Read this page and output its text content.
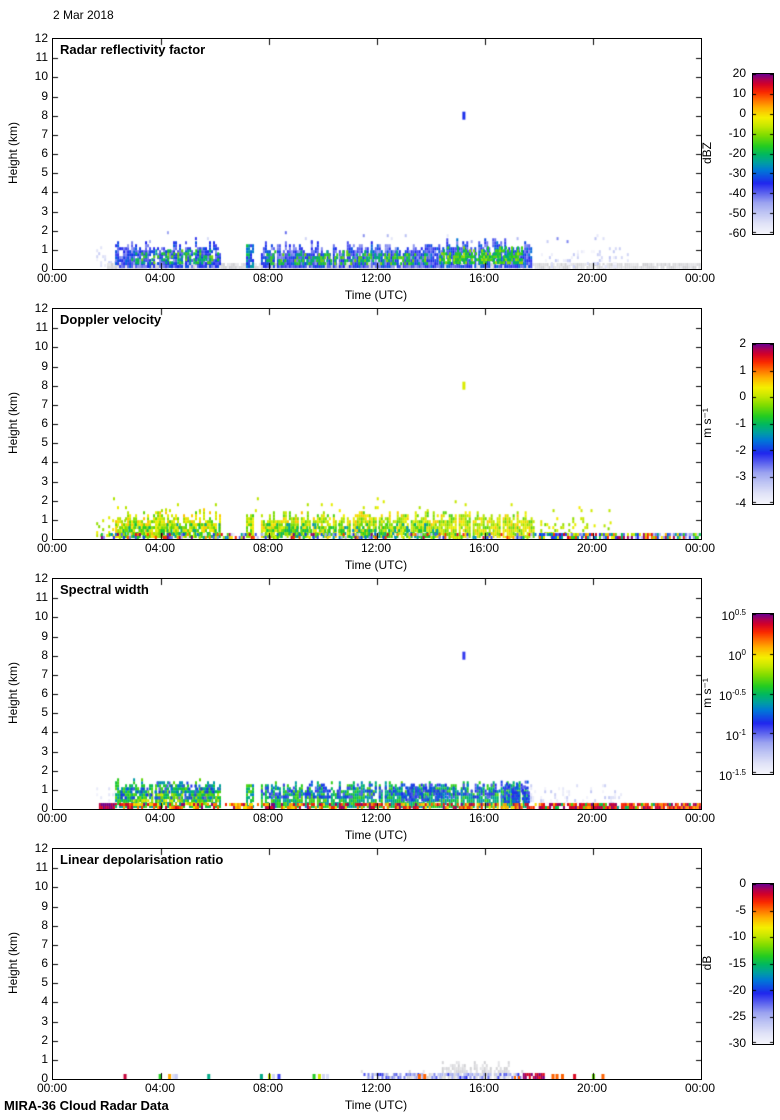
2 Mar 2018
Height (km)
Radar reflectivity factor
12
11
10
9
8
7
6
5
4
3
2
1
0
00:00	04:00	08:00	12:00	16:00	20:00	00:00
Time (UTC)
dBZ
20
10
0
-10
-20
-30
-40
-50
-60
Height (km)
Doppler velocity
12
11
10
9
8
7
6
5
4
3
2
1
0
00:00	04:00	08:00	12:00	16:00	20:00	00:00
Time (UTC)
m s⁻¹
2
1
0
-1
-2
-3
-4
Height (km)
Spectral width
12
11
10
9
8
7
6
5
4
3
2
1
0
00:00	04:00	08:00	12:00	16:00	20:00	00:00
Time (UTC)
m s⁻¹
$10^{0.5}$
$10^0$
$10^{-0.5}$
$10^{-1}$
$10^{-1.5}$
Height (km)
Linear depolarisation ratio
12
11
10
9
8
7
6
5
4
3
2
1
0
00:00	04:00	08:00	12:00	16:00	20:00	00:00
Time (UTC)
dB
0
-5
-10
-15
-20
-25
-30
MIRA-36 Cloud Radar Data
